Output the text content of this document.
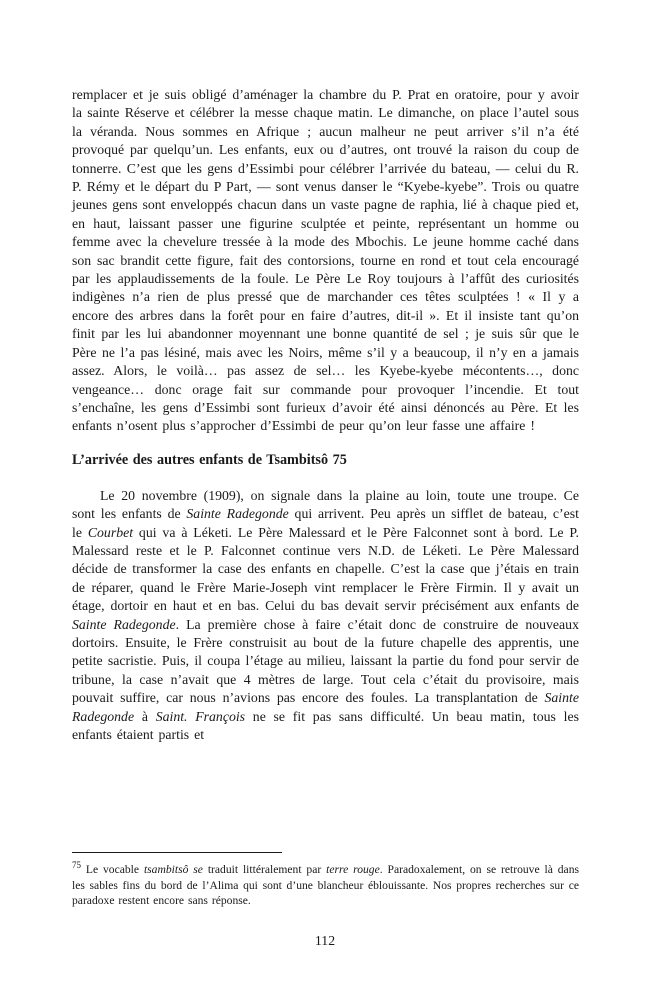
remplacer et je suis obligé d’aménager la chambre du P. Prat en oratoire, pour y avoir la sainte Réserve et célébrer la messe chaque matin. Le dimanche, on place l’autel sous la véranda. Nous sommes en Afrique ; aucun malheur ne peut arriver s’il n’a été provoqué par quelqu’un. Les enfants, eux ou d’autres, ont trouvé la raison du coup de tonnerre. C’est que les gens d’Essimbi pour célébrer l’arrivée du bateau, — celui du R. P. Rémy et le départ du P Part, — sont venus danser le “Kyebe-kyebe”. Trois ou quatre jeunes gens sont enveloppés chacun dans un vaste pagne de raphia, lié à chaque pied et, en haut, laissant passer une figurine sculptée et peinte, représentant un homme ou femme avec la chevelure tressée à la mode des Mbochis. Le jeune homme caché dans son sac brandit cette figure, fait des contorsions, tourne en rond et tout cela encouragé par les applaudissements de la foule. Le Père Le Roy toujours à l’affût des curiosités indigènes n’a rien de plus pressé que de marchander ces têtes sculptées ! « Il y a encore des arbres dans la forêt pour en faire d’autres, dit-il ». Et il insiste tant qu’on finit par les lui abandonner moyennant une bonne quantité de sel ; je suis sûr que le Père ne l’a pas lésiné, mais avec les Noirs, même s’il y a beaucoup, il n’y en a jamais assez. Alors, le voilà… pas assez de sel… les Kyebe-kyebe mécontents…, donc vengeance… donc orage fait sur commande pour provoquer l’incendie. Et tout s’enchaîne, les gens d’Essimbi sont furieux d’avoir été ainsi dénoncés au Père. Et les enfants n’osent plus s’approcher d’Essimbi de peur qu’on leur fasse une affaire !

L’arrivée des autres enfants de Tsambitsô 75

Le 20 novembre (1909), on signale dans la plaine au loin, toute une troupe. Ce sont les enfants de Sainte Radegonde qui arrivent. Peu après un sifflet de bateau, c’est le Courbet qui va à Léketi. Le Père Malessard et le Père Falconnet sont à bord. Le P. Malessard reste et le P. Falconnet continue vers N.D. de Léketi. Le Père Malessard décide de transformer la case des enfants en chapelle. C’est la case que j’étais en train de réparer, quand le Frère Marie-Joseph vint remplacer le Frère Firmin. Il y avait un étage, dortoir en haut et en bas. Celui du bas devait servir précisément aux enfants de Sainte Radegonde. La première chose à faire c’était donc de construire de nouveaux dortoirs. Ensuite, le Frère construisit au bout de la future chapelle des apprentis, une petite sacristie. Puis, il coupa l’étage au milieu, laissant la partie du fond pour servir de tribune, la case n’avait que 4 mètres de large. Tout cela c’était du provisoire, mais pouvait suffire, car nous n’avions pas encore des foules. La transplantation de Sainte Radegonde à Saint. François ne se fit pas sans difficulté. Un beau matin, tous les enfants étaient partis et

$^{75}$ Le vocable tsambitsô se traduit littéralement par terre rouge. Paradoxalement, on se retrouve là dans les sables fins du bord de l’Alima qui sont d’une blancheur éblouissante. Nos propres recherches sur ce paradoxe restent encore sans réponse.

112
